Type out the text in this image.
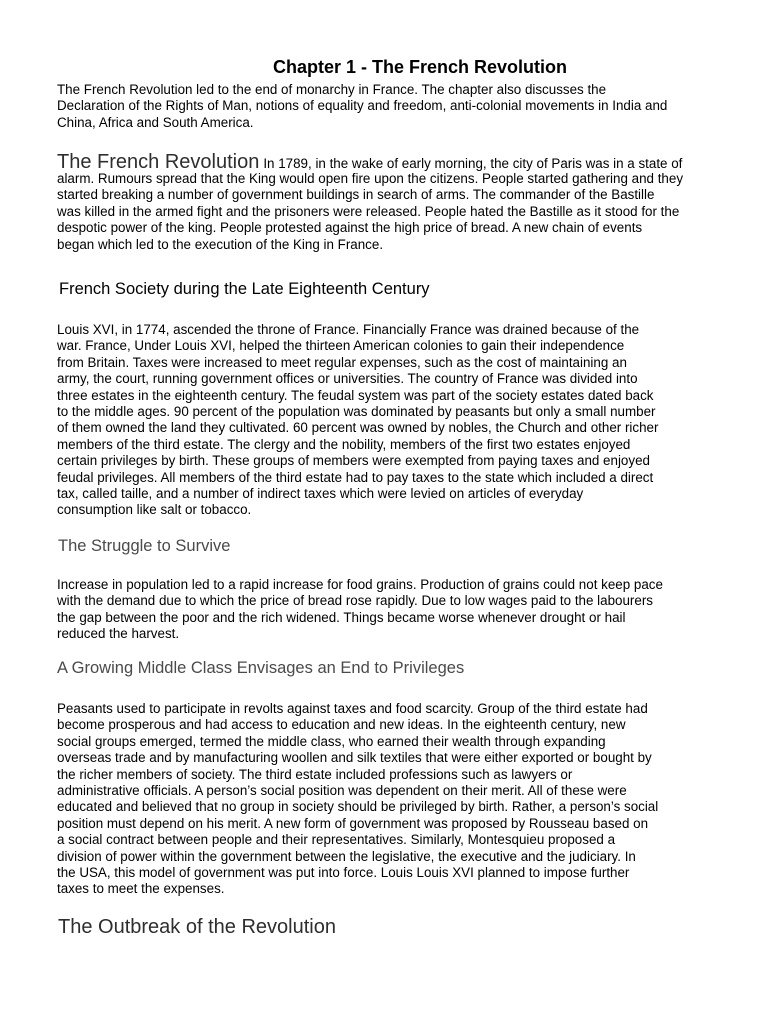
Chapter 1 - The French Revolution

The French Revolution led to the end of monarchy in France. The chapter also discusses the
Declaration of the Rights of Man, notions of equality and freedom, anti-colonial movements in India and
China, Africa and South America.

The French Revolution In 1789, in the wake of early morning, the city of Paris was in a state of
alarm. Rumours spread that the King would open fire upon the citizens. People started gathering and they
started breaking a number of government buildings in search of arms. The commander of the Bastille
was killed in the armed fight and the prisoners were released. People hated the Bastille as it stood for the
despotic power of the king. People protested against the high price of bread. A new chain of events
began which led to the execution of the King in France.

French Society during the Late Eighteenth Century

Louis XVI, in 1774, ascended the throne of France. Financially France was drained because of the
war. France, Under Louis XVI, helped the thirteen American colonies to gain their independence
from Britain. Taxes were increased to meet regular expenses, such as the cost of maintaining an
army, the court, running government offices or universities. The country of France was divided into
three estates in the eighteenth century. The feudal system was part of the society estates dated back
to the middle ages. 90 percent of the population was dominated by peasants but only a small number
of them owned the land they cultivated. 60 percent was owned by nobles, the Church and other richer
members of the third estate. The clergy and the nobility, members of the first two estates enjoyed
certain privileges by birth. These groups of members were exempted from paying taxes and enjoyed
feudal privileges. All members of the third estate had to pay taxes to the state which included a direct
tax, called taille, and a number of indirect taxes which were levied on articles of everyday
consumption like salt or tobacco.

The Struggle to Survive

Increase in population led to a rapid increase for food grains. Production of grains could not keep pace
with the demand due to which the price of bread rose rapidly. Due to low wages paid to the labourers
the gap between the poor and the rich widened. Things became worse whenever drought or hail
reduced the harvest.

A Growing Middle Class Envisages an End to Privileges

Peasants used to participate in revolts against taxes and food scarcity. Group of the third estate had
become prosperous and had access to education and new ideas. In the eighteenth century, new
social groups emerged, termed the middle class, who earned their wealth through expanding
overseas trade and by manufacturing woollen and silk textiles that were either exported or bought by
the richer members of society. The third estate included professions such as lawyers or
administrative officials. A person’s social position was dependent on their merit. All of these were
educated and believed that no group in society should be privileged by birth. Rather, a person’s social
position must depend on his merit. A new form of government was proposed by Rousseau based on
a social contract between people and their representatives. Similarly, Montesquieu proposed a
division of power within the government between the legislative, the executive and the judiciary. In
the USA, this model of government was put into force. Louis Louis XVI planned to impose further
taxes to meet the expenses.

The Outbreak of the Revolution
